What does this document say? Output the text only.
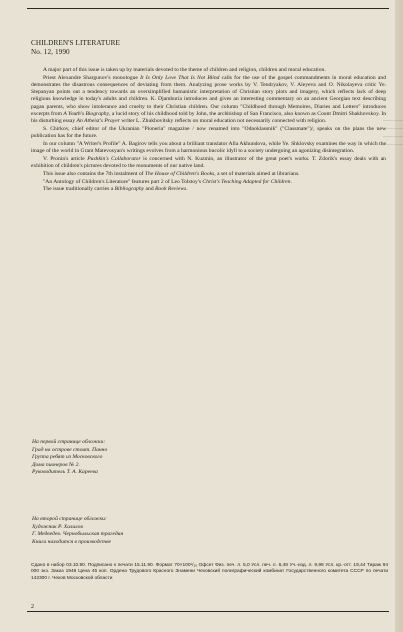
CHILDREN'S LITERATURE
No. 12, 1990

A major part of this issue is taken up by materials devoted to the theme of children and religion, children and moral education.

Priest Alexandre Shargunov's monologue It Is Only Love That Is Not Blind calls for the use of the gospel commandments in moral education and demonstrates the disastrous consequences of deviating from them. Analyzing prose works by V. Tendryakov, V. Aleyeva and O. Nikolayeva critic Ye. Stepanyan points out a tendency towards an oversimplified humanistic interpretation of Christian story plots and imagery, which reflects lack of deep religious knowledge in today's adults and children. K. Djamburia introduces and gives an interesting commentary on an ancient Georgian text describing pagan parents, who show intolerance and cruelty to their Christian children. Our column "Childhood through Memoires, Diaries and Letters" introduces excerpts from A Youth's Biography, a lucid story of his childhood told by John, the archbishop of San Francisco, also known as Count Dmitri Shakhovskoy. In his disturbing essay An Atheist's Prayer writer L. Zhukhovitsky reflects on moral education not necessarily connected with religion.

S. Chirkov, chief editor of the Ukranian "Pioneria" magazine / now renamed into "Odnoklassnik" ("Classmate")/, speaks on the plans the new publication has for the future.

In our column "A Writer's Profile" A. Bagirov tells you about a brilliant translator Alla Akhundova, while Ye. Shklovsky examines the way in which the image of the world in Grant Matevosyan's writings evolves from a harmonious bucolic idyll to a society undergoing an agonizing disintegration.

V. Pronin's article Pushkin's Collaborator is concerned with N. Kuzmin, an illustrator of the great poet's works. T. Zdorik's essay deals with an exhibition of children's pictures devoted to the monuments of our native land.

This issue also contains the 7th instalment of The House of Children's Books, a set of materials aimed at librarians.

"An Antology of Children's Literature" features part 2 of Leo Tolstoy's Christ's Teaching Adapted for Children.

The issue traditionally carries a Bibliography and Book Reviews.

На первой странице обложки:
Град на острове стоит. Панно
Группа ребят из Московского
Дома пионеров № 2.
Руководитель Т. А. Кареева
На второй странице обложки:
Художник Р. Халилов
Г. Медведев. Чернобыльская трагедия
Книга находится в производстве
Сдано в набор 03.10.90. Подписано к печати 15.11.90. Формат 70×100¹/₁₆ Офсет Физ. печ. л. 5,0 Усл. печ. л. 6,48 Уч.-изд. л. 9,98 Усл. кр.-отт. 19,44 Тираж 94 000 экз. Заказ 1946 Цена 45 коп. Ордена Трудового Красного Знамени Чеховский полиграфический комбинат Государственного комитета СССР по печати 142300 г. Чехов Московской области
2
